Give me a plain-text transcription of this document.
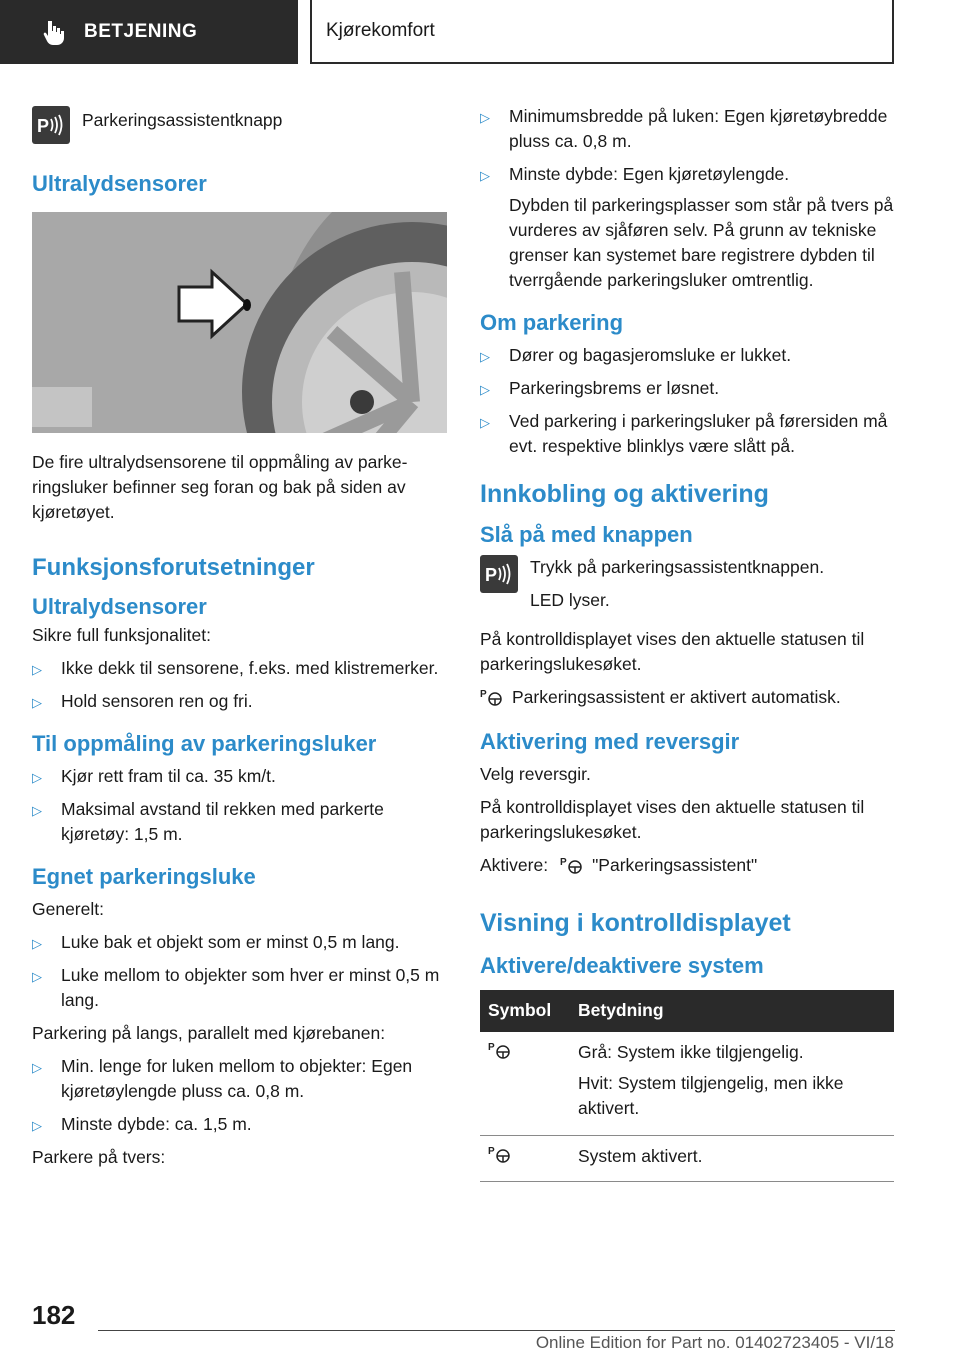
BETJENING	Kjørekomfort
P Parkeringsassistentknapp
Ultralydsensorer
De fire ultralydsensorene til oppmåling av parkeringsluker befinner seg foran og bak på siden av kjøretøyet.
Funksjonsforutsetninger
Ultralydsensorer
Sikre full funksjonalitet:
▷ Ikke dekk til sensorene, f.eks. med klistremerker.
▷ Hold sensoren ren og fri.
Til oppmåling av parkeringsluker
▷ Kjør rett fram til ca. 35 km/t.
▷ Maksimal avstand til rekken med parkerte kjøretøy: 1,5 m.
Egnet parkeringsluke
Generelt:
▷ Luke bak et objekt som er minst 0,5 m lang.
▷ Luke mellom to objekter som hver er minst 0,5 m lang.
Parkering på langs, parallelt med kjørebanen:
▷ Min. lenge for luken mellom to objekter: Egen kjøretøylengde pluss ca. 0,8 m.
▷ Minste dybde: ca. 1,5 m.
Parkere på tvers:
▷ Minimumsbredde på luken: Egen kjøretøybredde pluss ca. 0,8 m.
▷ Minste dybde: Egen kjøretøylengde.
Dybden til parkeringsplasser som står på tvers på vurderes av sjåføren selv. På grunn av tekniske grenser kan systemet bare registrere dybden til tverrgående parkeringsluker omtrentlig.
Om parkering
▷ Dører og bagasjeromsluke er lukket.
▷ Parkeringsbrems er løsnet.
▷ Ved parkering i parkeringsluker på førersiden må evt. respektive blinklys være slått på.
Innkobling og aktivering
Slå på med knappen
P Trykk på parkeringsassistentknappen.
LED lyser.
På kontrolldisplayet vises den aktuelle statusen til parkeringslukesøket.
P Parkeringsassistent er aktivert automatisk.
Aktivering med reversgir
Velg reversgir.
På kontrolldisplayet vises den aktuelle statusen til parkeringslukesøket.
Aktivere: P "Parkeringsassistent"
Visning i kontrolldisplayet
Aktivere/deaktivere system
Symbol	Betydning

P	Grå: System ikke tilgjengelig.
Hvit: System tilgjengelig, men ikke aktivert.

P	System aktivert.
182
Online Edition for Part no. 01402723405 - VI/18
